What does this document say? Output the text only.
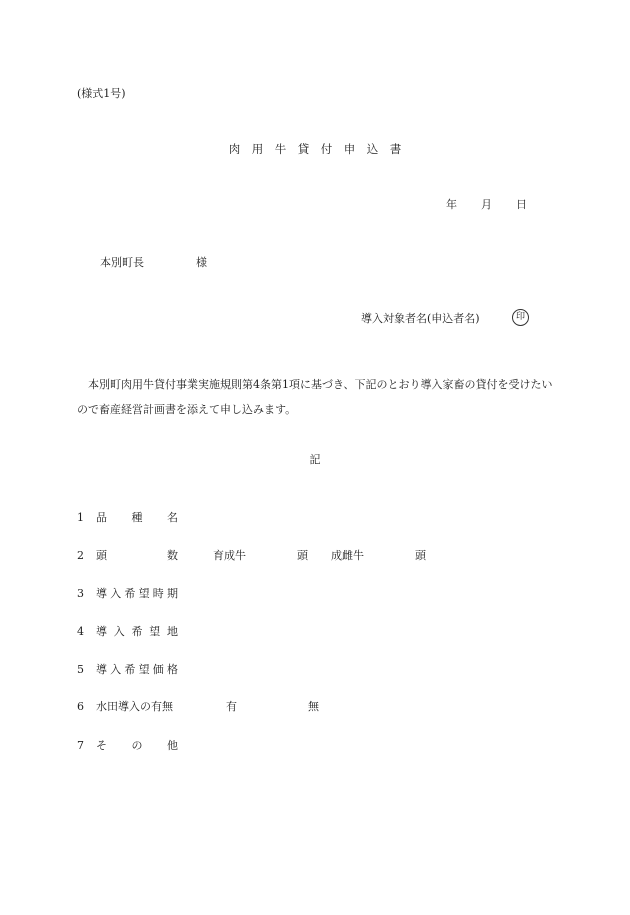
(様式1号)
肉 用 牛 貸 付 申 込 書
年 月 日
本別町長	様
導入対象者名(申込者名)	印
本別町肉用牛貸付事業実施規則第4条第1項に基づき、下記のとおり導入家畜の貸付を受けたいので畜産経営計画書を添えて申し込みます。
記
1 品 種 名
2 頭	数	育成牛	頭 成雌牛	頭
3 導 入 希 望 時 期
4 導 入 希 望 地
5 導 入 希 望 価 格
6 水田導入の有無	有	無
7 そ の 他
